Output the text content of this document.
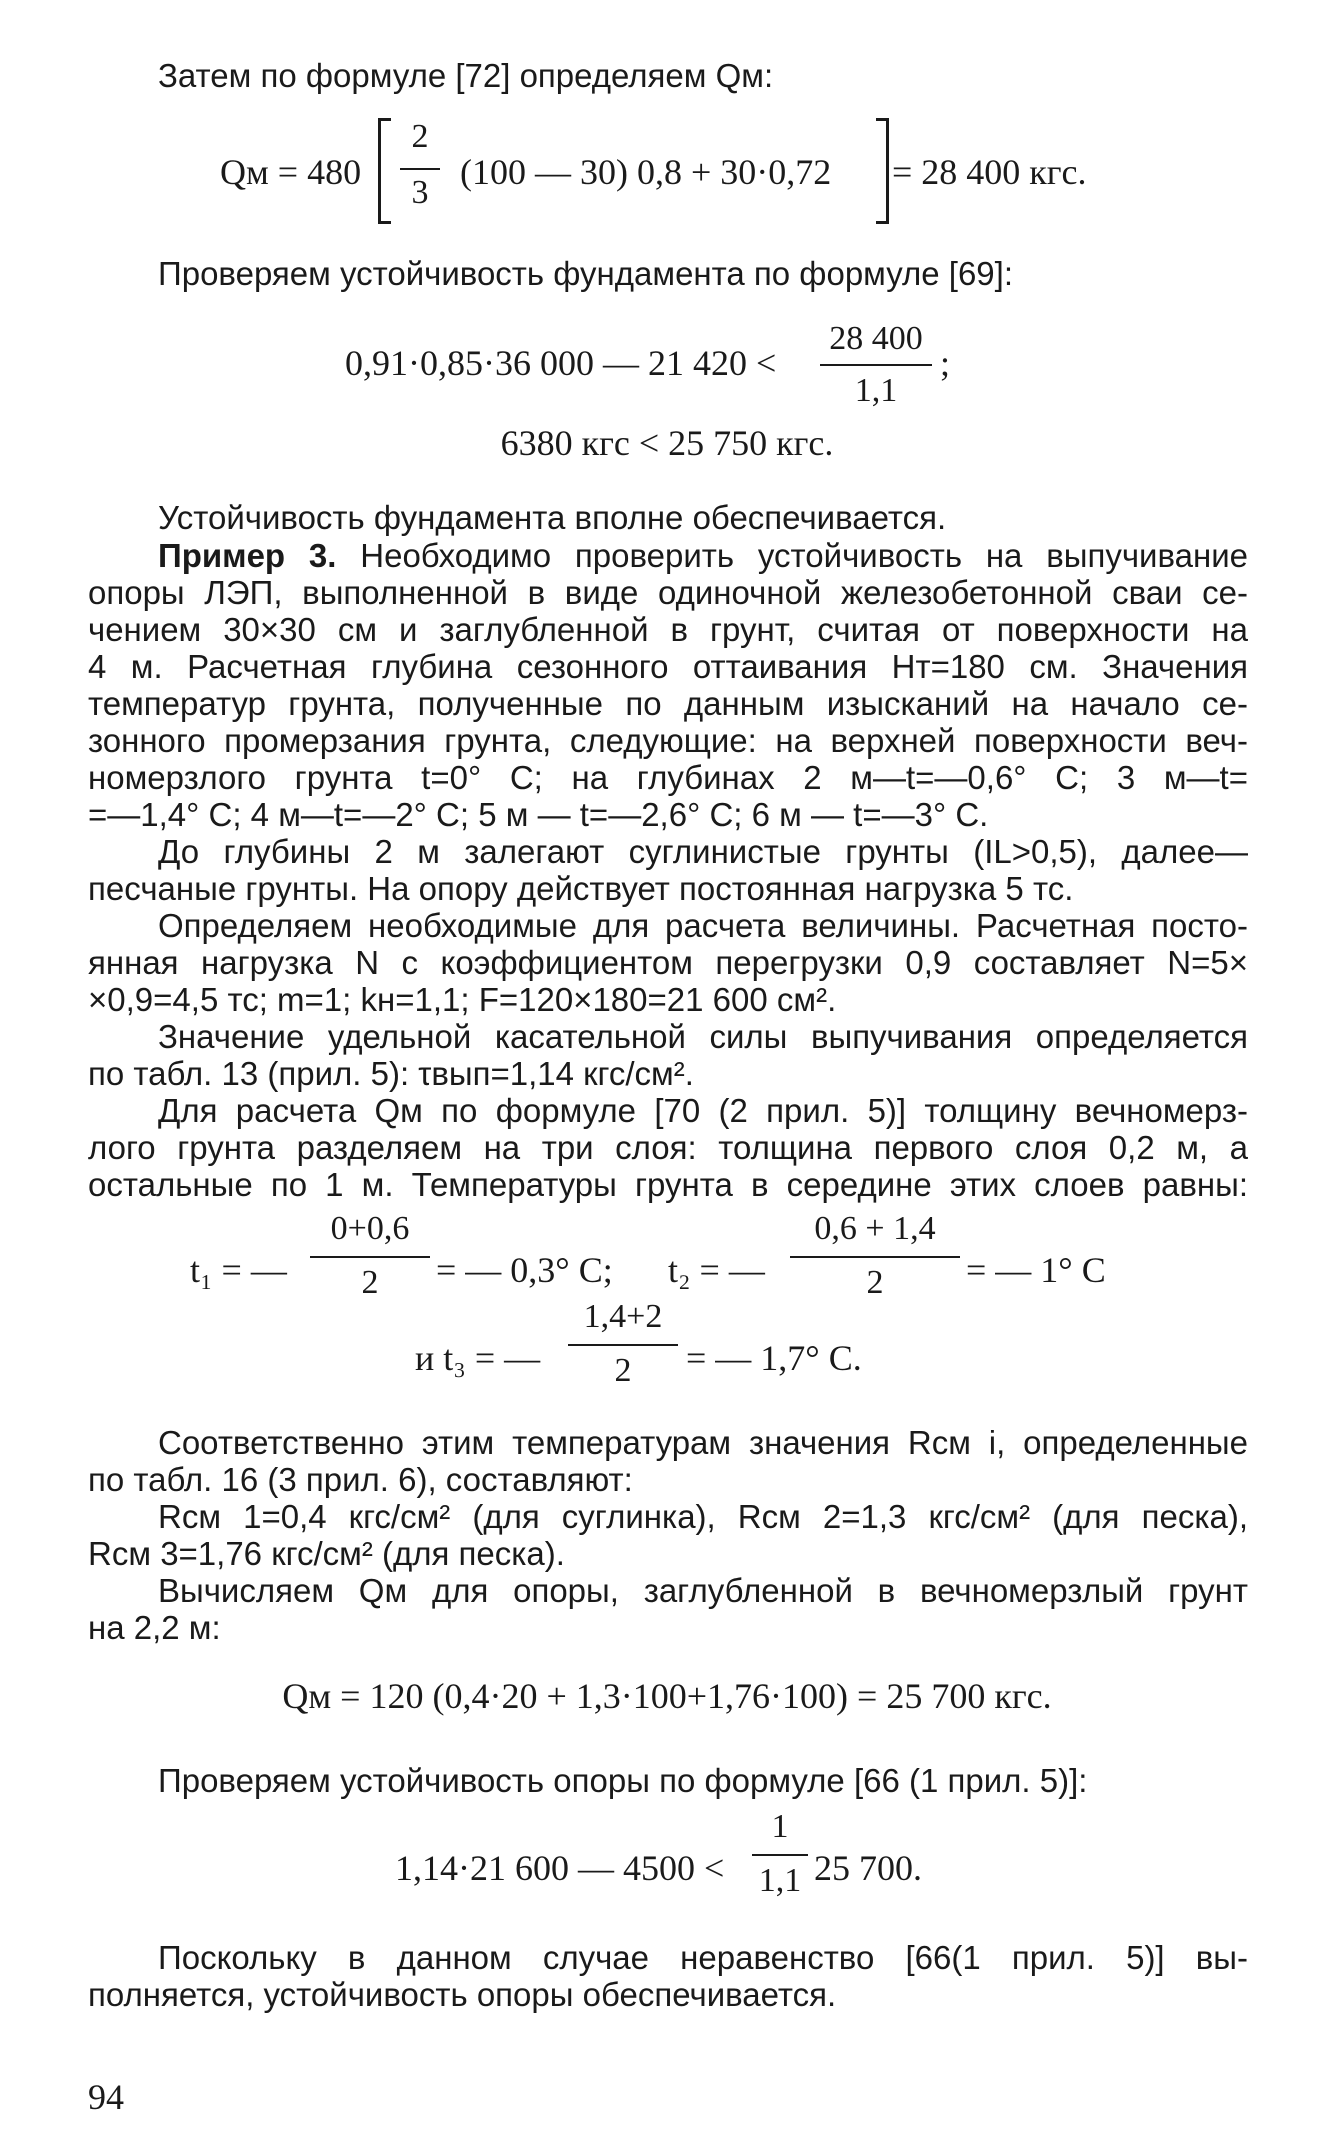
Затем по формуле [72] определяем Qм:
Qм = 480
2
3
(100 — 30) 0,8 + 30·0,72	= 28 400 кгс.
Проверяем устойчивость фундамента по формуле [69]:
0,91·0,85·36 000 — 21 420 <
28 400
1,1
;
6380 кгс < 25 750 кгс.
Устойчивость фундамента вполне обеспечивается.
Пример 3. Необходимо проверить устойчивость на выпучивание
опоры ЛЭП, выполненной в виде одиночной железобетонной сваи се-
чением 30×30 см и заглубленной в грунт, считая от поверхности на
4 м. Расчетная глубина сезонного оттаивания Hт=180 см. Значения
температур грунта, полученные по данным изысканий на начало се-
зонного промерзания грунта, следующие: на верхней поверхности веч-
номерзлого грунта t=0° С; на глубинах 2 м—t=—0,6° С; 3 м—t=
=—1,4° С; 4 м—t=—2° С; 5 м — t=—2,6° С; 6 м — t=—3° С.
До глубины 2 м залегают суглинистые грунты (IL>0,5), далее—
песчаные грунты. На опору действует постоянная нагрузка 5 тс.
Определяем необходимые для расчета величины. Расчетная посто-
янная нагрузка N с коэффициентом перегрузки 0,9 составляет N=5×
×0,9=4,5 тс; m=1; kн=1,1; F=120×180=21 600 см².
Значение удельной касательной силы выпучивания определяется
по табл. 13 (прил. 5): τвып=1,14 кгс/см².
Для расчета Qм по формуле [70 (2 прил. 5)] толщину вечномерз-
лого грунта разделяем на три слоя: толщина первого слоя 0,2 м, а
остальные по 1 м. Температуры грунта в середине этих слоев равны:
t₁ = —
0+0,6
2	= — 0,3° С;	t₂ = —
0,6 + 1,4
2	= — 1° С
и t₃ = —
1,4+2
2	= — 1,7° С.
Соответственно этим температурам значения Rсм i, определенные
по табл. 16 (3 прил. 6), составляют:
Rсм 1=0,4 кгс/см² (для суглинка), Rсм 2=1,3 кгс/см² (для песка),
Rсм 3=1,76 кгс/см² (для песка).
Вычисляем Qм для опоры, заглубленной в вечномерзлый грунт
на 2,2 м:
Qм = 120 (0,4·20 + 1,3·100+1,76·100) = 25 700 кгс.
Проверяем устойчивость опоры по формуле [66 (1 прил. 5)]:
1,14·21 600 — 4500 <
1
1,1 25 700.
Поскольку в данном случае неравенство [66(1 прил. 5)] вы-
полняется, устойчивость опоры обеспечивается.
94
